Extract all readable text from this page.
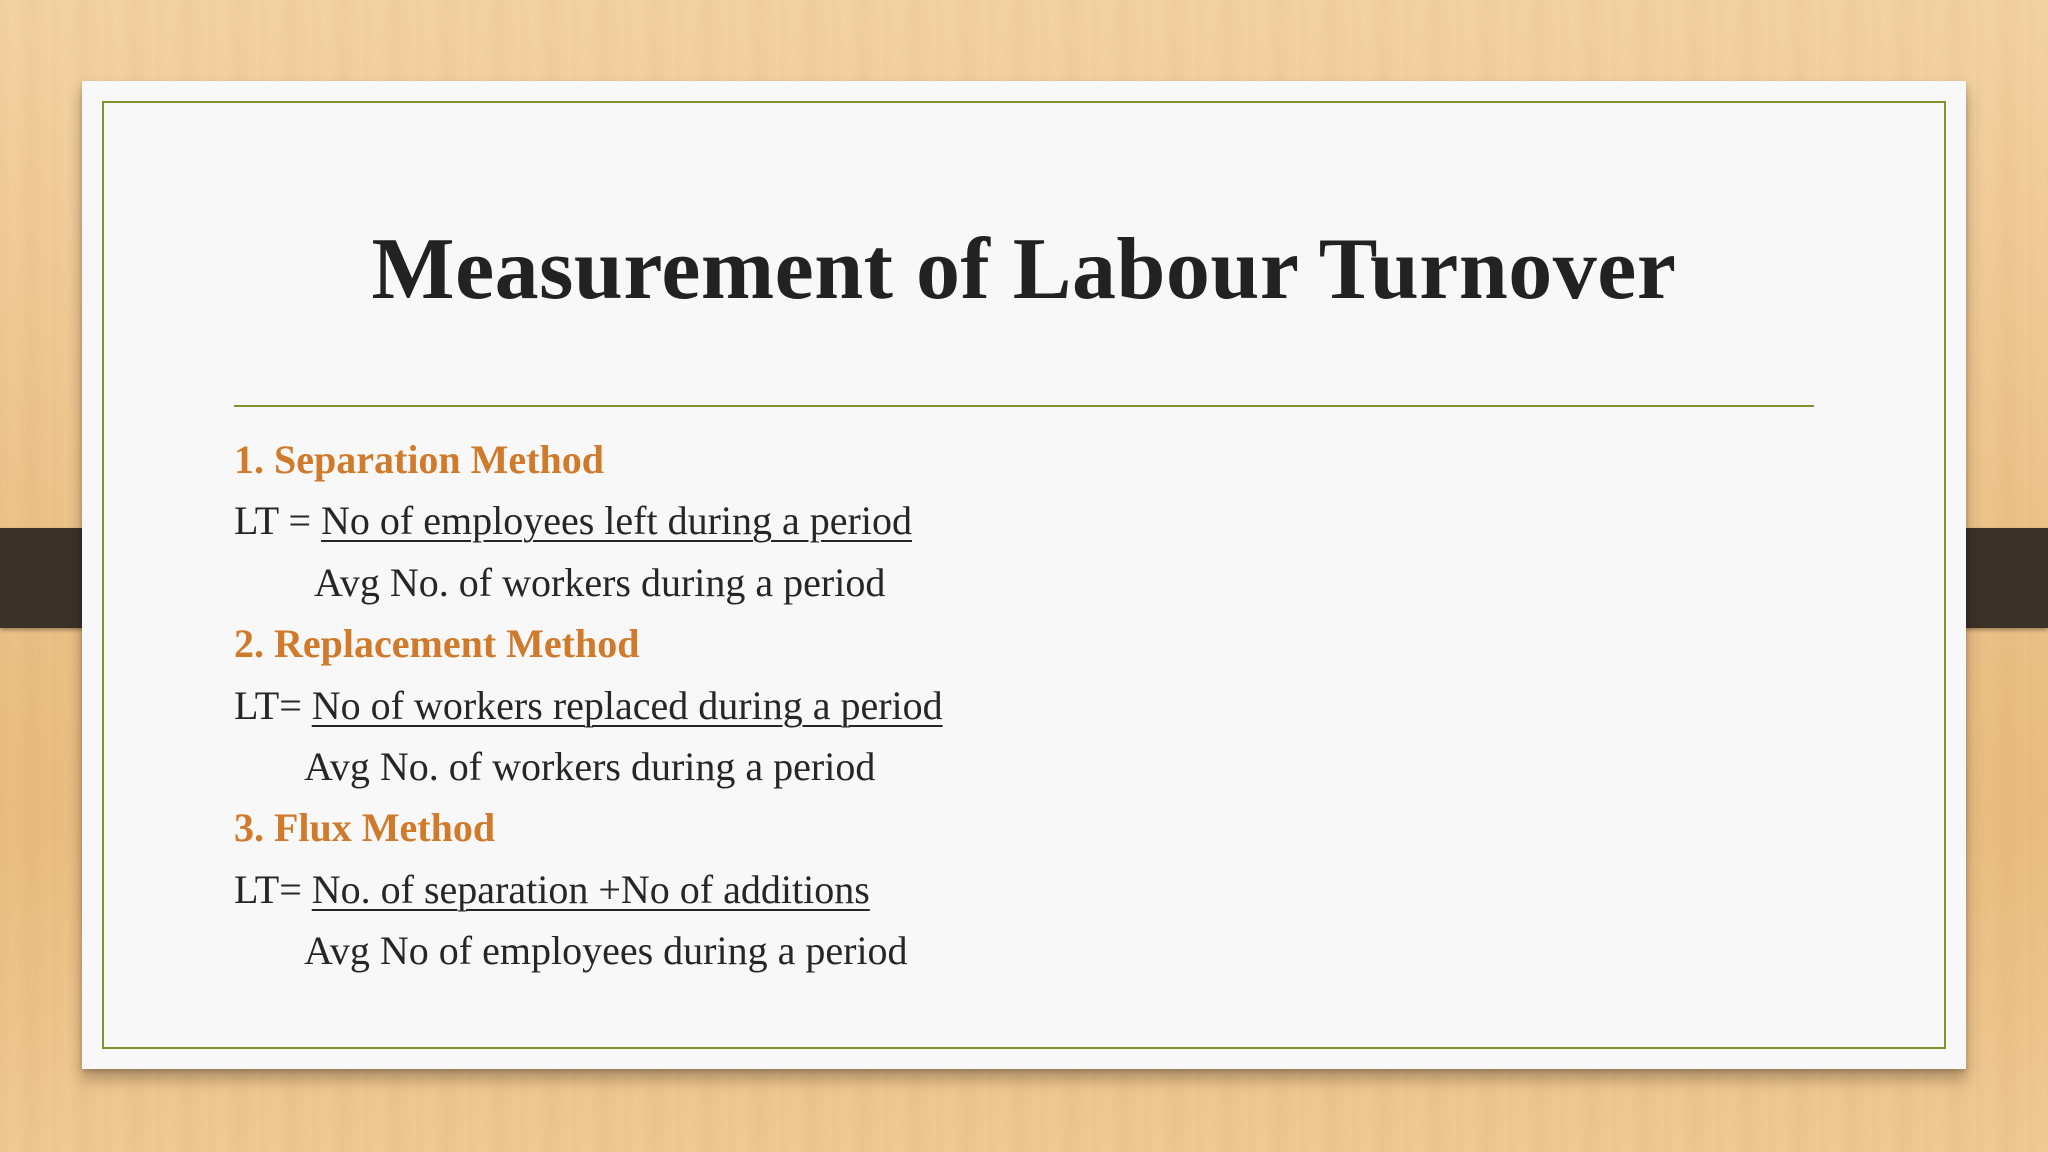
Measurement of Labour Turnover
1. Separation Method
LT = No of employees left during a period
Avg No. of workers during a period
2. Replacement Method
LT= No of workers replaced during a period
Avg No. of workers during a period
3. Flux Method
LT= No. of separation +No of additions
Avg No of employees during a period
